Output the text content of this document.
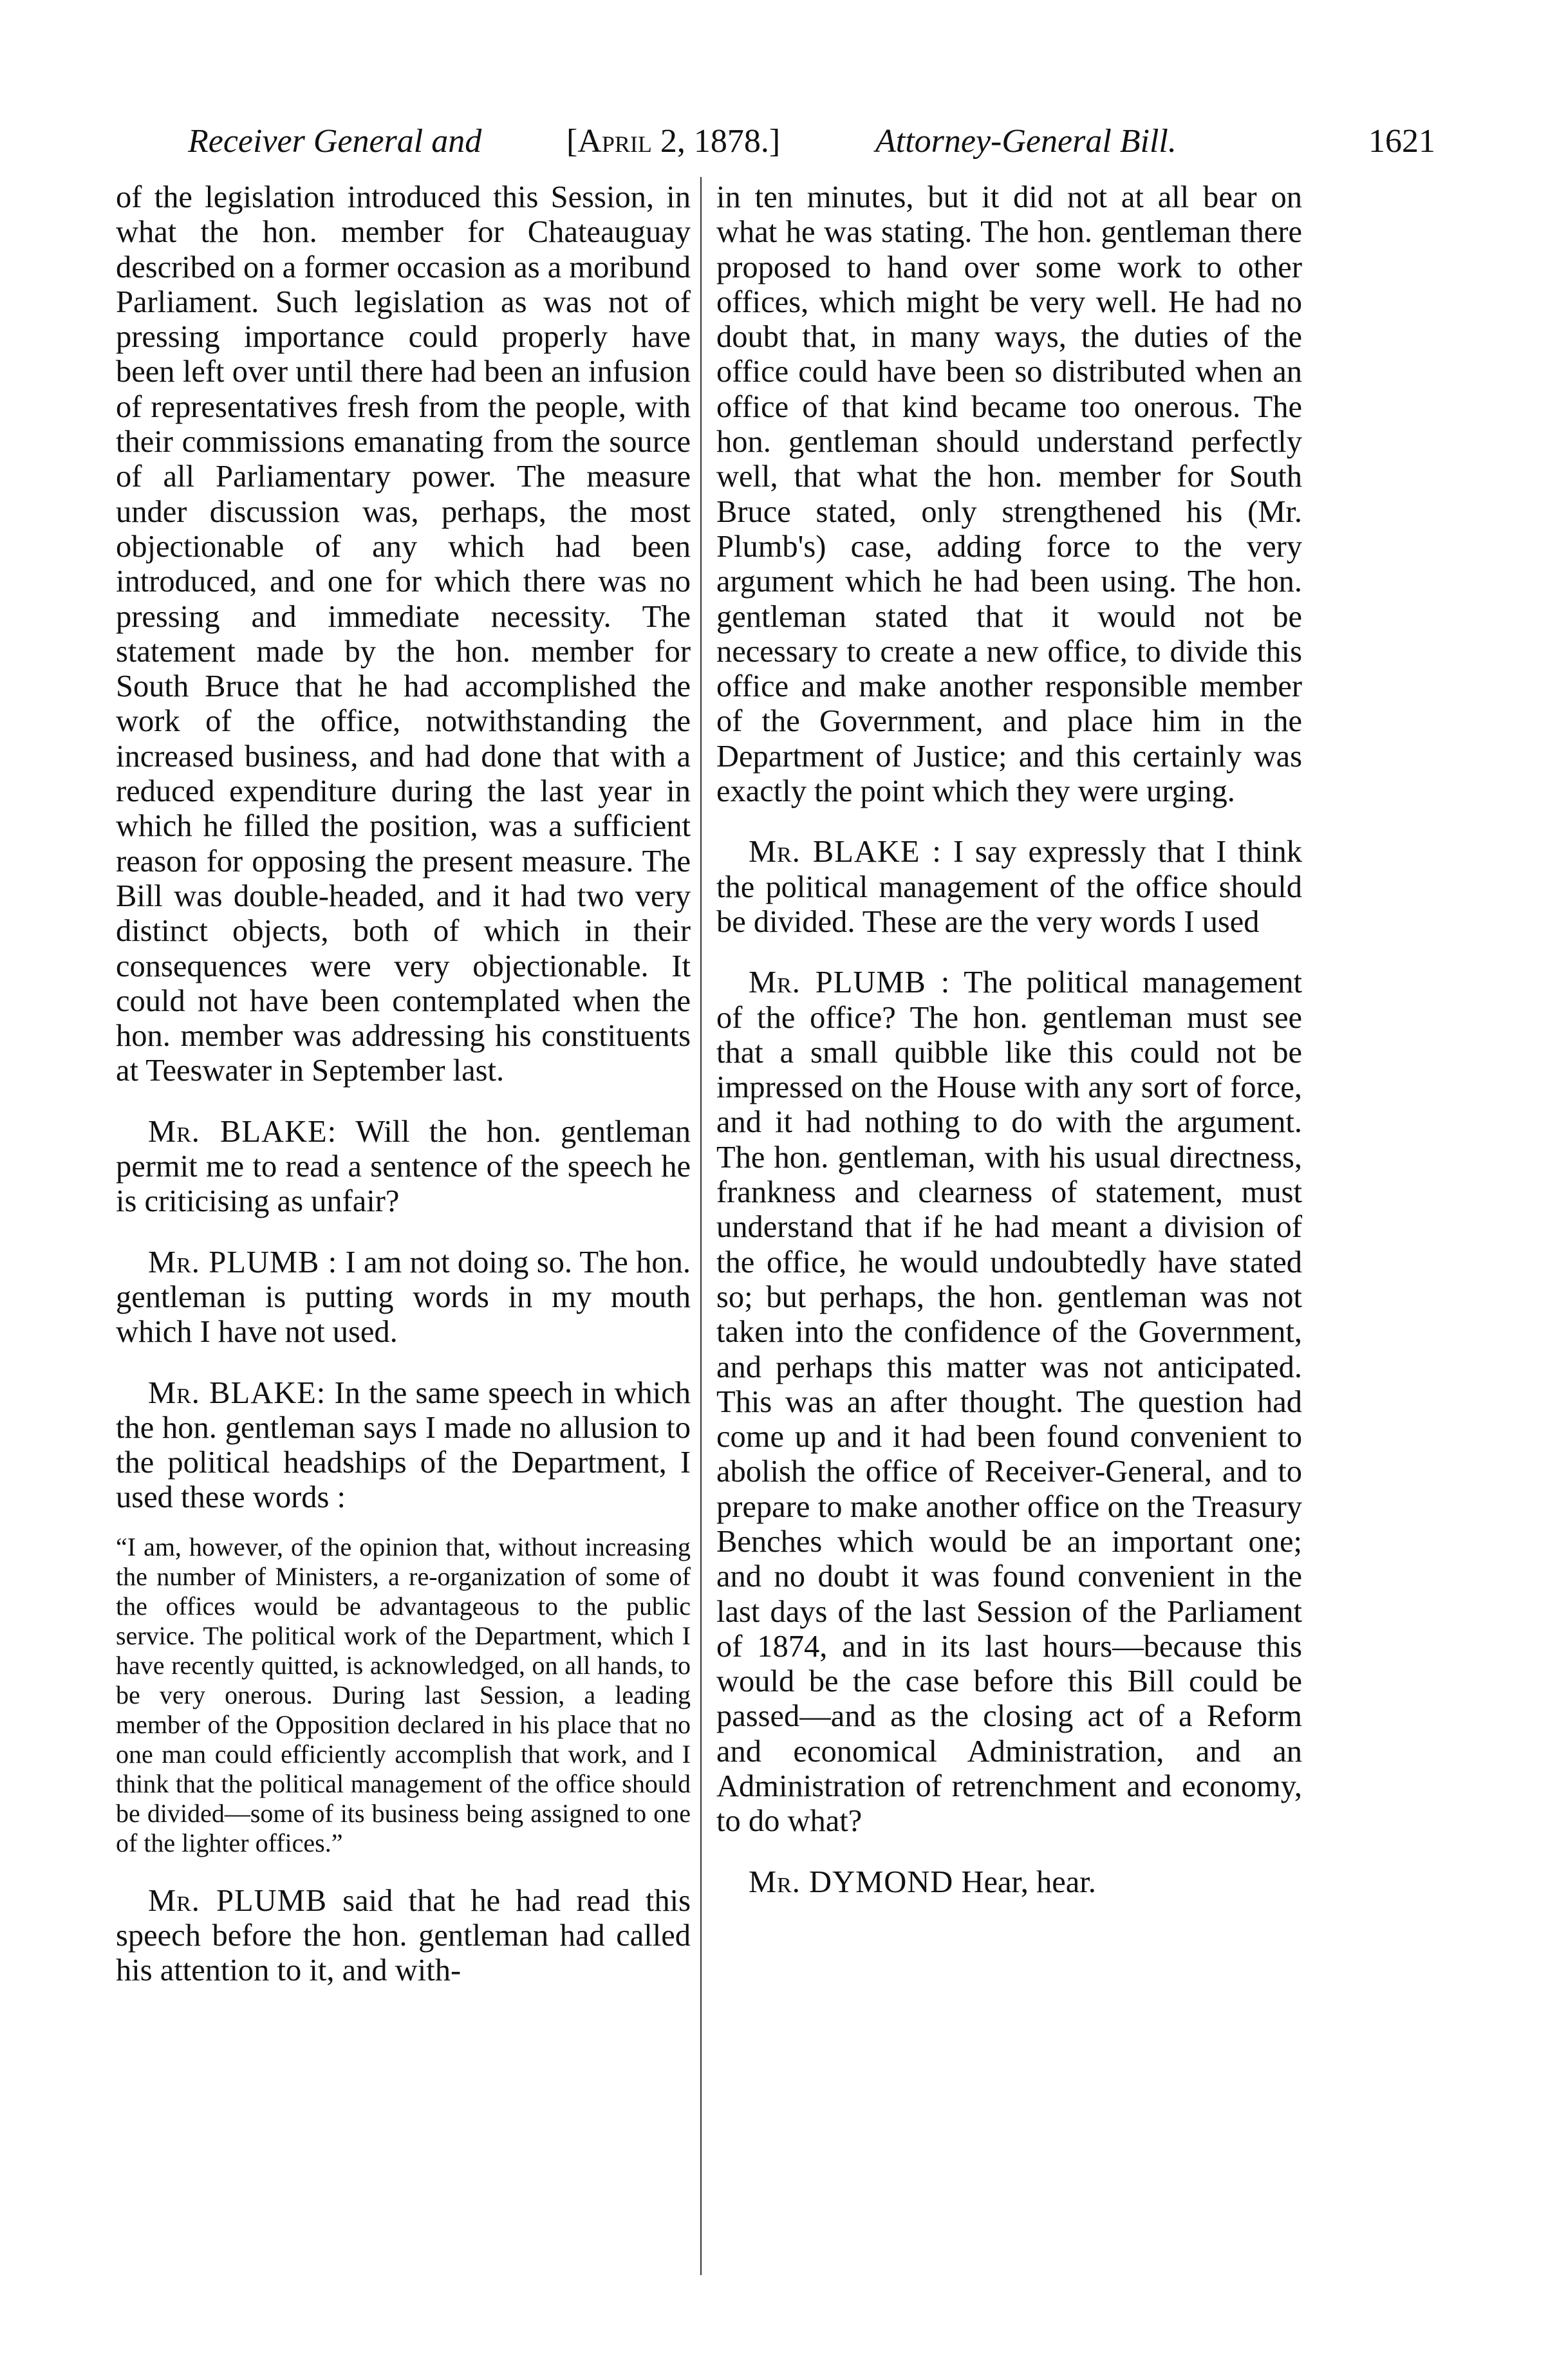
Receiver General and	[April 2, 1878.]	Attorney-General Bill.	1621

of the legislation introduced this Session, in what the hon. member for Chateauguay described on a former occasion as a moribund Parliament. Such legislation as was not of pressing importance could properly have been left over until there had been an infusion of representatives fresh from the people, with their commissions emanating from the source of all Parliamentary power. The measure under discussion was, perhaps, the most objectionable of any which had been introduced, and one for which there was no pressing and immediate necessity. The statement made by the hon. member for South Bruce that he had accomplished the work of the office, notwithstanding the increased business, and had done that with a reduced expenditure during the last year in which he filled the position, was a sufficient reason for opposing the present measure. The Bill was double-headed, and it had two very distinct objects, both of which in their consequences were very objectionable. It could not have been contemplated when the hon. member was addressing his constituents at Teeswater in September last.

Mr. BLAKE: Will the hon. gentleman permit me to read a sentence of the speech he is criticising as unfair?

Mr. PLUMB : I am not doing so. The hon. gentleman is putting words in my mouth which I have not used.

Mr. BLAKE: In the same speech in which the hon. gentleman says I made no allusion to the political headships of the Department, I used these words :

“I am, however, of the opinion that, without increasing the number of Ministers, a re-organization of some of the offices would be advantageous to the public service. The political work of the Department, which I have recently quitted, is acknowledged, on all hands, to be very onerous. During last Session, a leading member of the Opposition declared in his place that no one man could efficiently accomplish that work, and I think that the political management of the office should be divided—some of its business being assigned to one of the lighter offices.”

Mr. PLUMB said that he had read this speech before the hon. gentleman had called his attention to it, and with-

in ten minutes, but it did not at all bear on what he was stating. The hon. gentleman there proposed to hand over some work to other offices, which might be very well. He had no doubt that, in many ways, the duties of the office could have been so distributed when an office of that kind became too onerous. The hon. gentleman should understand perfectly well, that what the hon. member for South Bruce stated, only strengthened his (Mr. Plumb's) case, adding force to the very argument which he had been using. The hon. gentleman stated that it would not be necessary to create a new office, to divide this office and make another responsible member of the Government, and place him in the Department of Justice; and this certainly was exactly the point which they were urging.

Mr. BLAKE : I say expressly that I think the political management of the office should be divided. These are the very words I used

Mr. PLUMB : The political management of the office? The hon. gentleman must see that a small quibble like this could not be impressed on the House with any sort of force, and it had nothing to do with the argument. The hon. gentleman, with his usual directness, frankness and clearness of statement, must understand that if he had meant a division of the office, he would undoubtedly have stated so; but perhaps, the hon. gentleman was not taken into the confidence of the Government, and perhaps this matter was not anticipated. This was an after thought. The question had come up and it had been found convenient to abolish the office of Receiver-General, and to prepare to make another office on the Treasury Benches which would be an important one; and no doubt it was found convenient in the last days of the last Session of the Parliament of 1874, and in its last hours—because this would be the case before this Bill could be passed—and as the closing act of a Reform and economical Administration, and an Administration of retrenchment and economy, to do what?

Mr. DYMOND Hear, hear.
